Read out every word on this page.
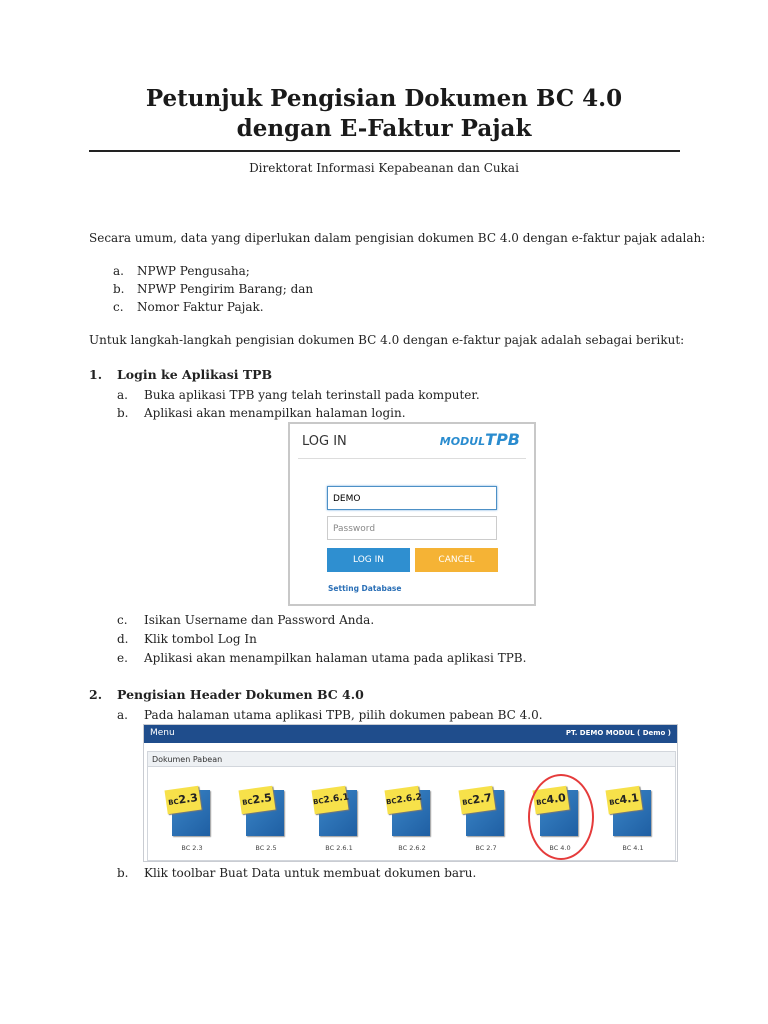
Petunjuk Pengisian Dokumen BC 4.0
dengan E-Faktur Pajak
Direktorat Informasi Kepabeanan dan Cukai
Secara umum, data yang diperlukan dalam pengisian dokumen BC 4.0 dengan e-faktur pajak adalah:
a. NPWP Pengusaha;
b. NPWP Pengirim Barang; dan
c. Nomor Faktur Pajak.
Untuk langkah-langkah pengisian dokumen BC 4.0 dengan e-faktur pajak adalah sebagai berikut:
1. Login ke Aplikasi TPB
a. Buka aplikasi TPB yang telah terinstall pada komputer.
b. Aplikasi akan menampilkan halaman login.
LOG IN	MODULTPB
DEMO
Password
LOG IN	CANCEL
Setting Database
c. Isikan Username dan Password Anda.
d. Klik tombol Log In
e. Aplikasi akan menampilkan halaman utama pada aplikasi TPB.
2. Pengisian Header Dokumen BC 4.0
a. Pada halaman utama aplikasi TPB, pilih dokumen pabean BC 4.0.
Menu	PT. DEMO MODUL ( Demo )
Dokumen Pabean
BC2.3
BC 2.3
BC2.5
BC 2.5
BC2.6.1
BC 2.6.1
BC2.6.2
BC 2.6.2
BC2.7
BC 2.7
BC4.0
BC 4.0
BC4.1
BC 4.1
b. Klik toolbar Buat Data untuk membuat dokumen baru.
